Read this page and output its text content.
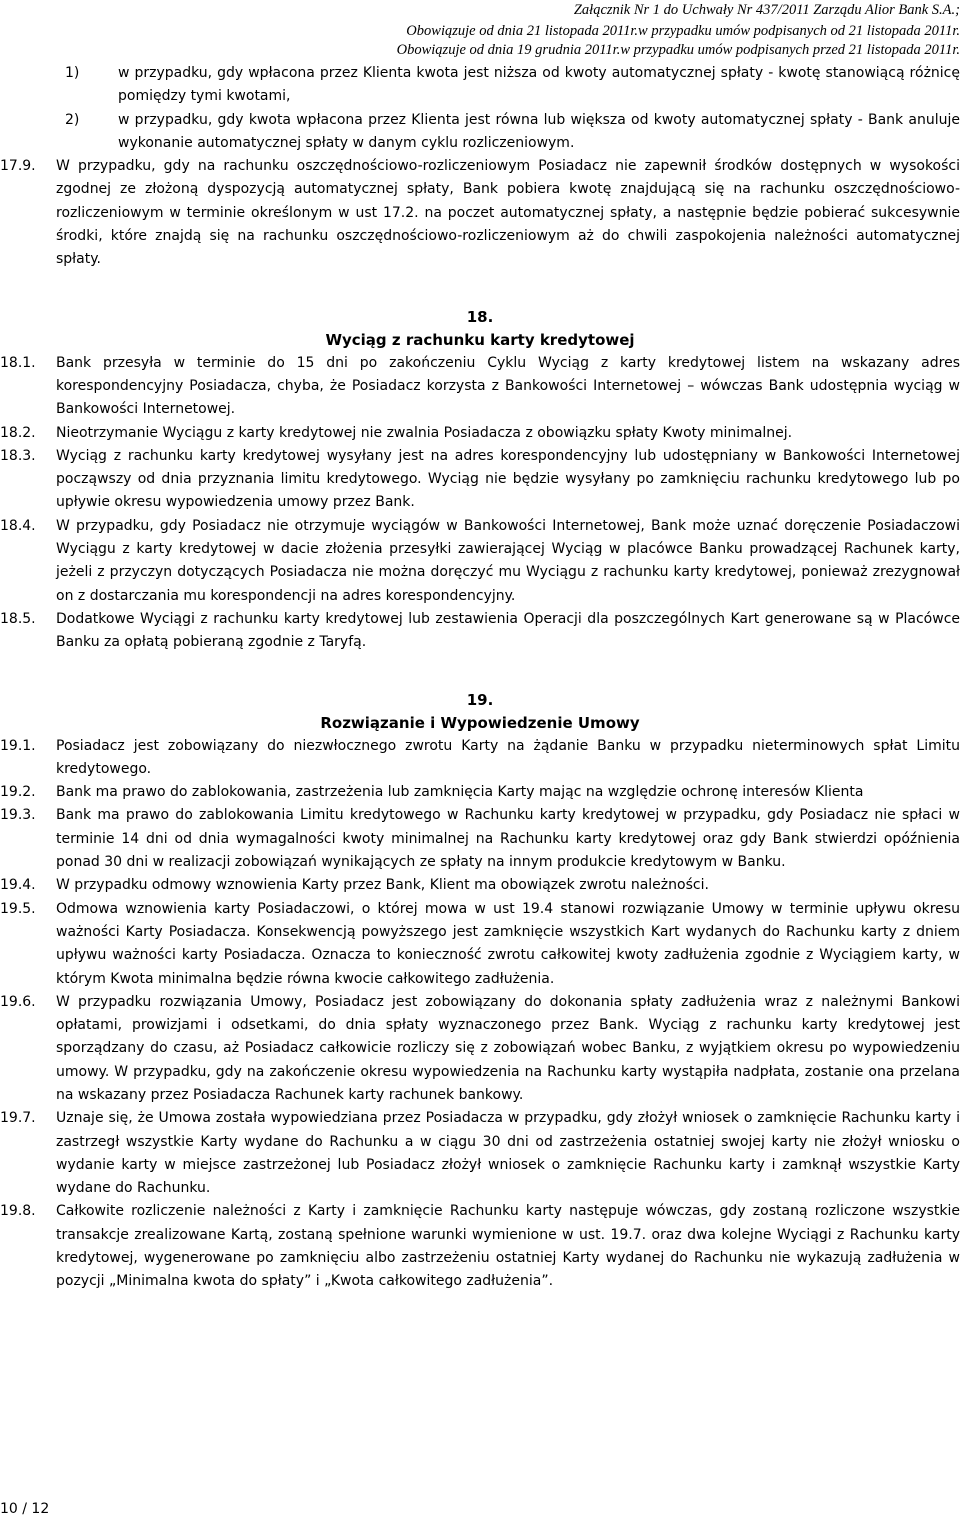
Załącznik Nr 1 do Uchwały Nr 437/2011 Zarządu Alior Bank S.A.;
Obowiązuje od dnia 21 listopada 2011r.w przypadku umów podpisanych od 21 listopada 2011r.
Obowiązuje od dnia 19 grudnia 2011r.w przypadku umów podpisanych przed 21 listopada 2011r.
1)	w przypadku, gdy wpłacona przez Klienta kwota jest niższa od kwoty automatycznej spłaty - kwotę stanowiącą różnicę pomiędzy tymi kwotami,
2)	w przypadku, gdy kwota wpłacona przez Klienta jest równa lub większa od kwoty automatycznej spłaty - Bank anuluje wykonanie automatycznej spłaty w danym cyklu rozliczeniowym.
17.9.	W przypadku, gdy na rachunku oszczędnościowo-rozliczeniowym Posiadacz nie zapewnił środków dostępnych w wysokości zgodnej ze złożoną dyspozycją automatycznej spłaty, Bank pobiera kwotę znajdującą się na rachunku oszczędnościowo-rozliczeniowym w terminie określonym w ust 17.2. na poczet automatycznej spłaty, a następnie będzie pobierać sukcesywnie środki, które znajdą się na rachunku oszczędnościowo-rozliczeniowym aż do chwili zaspokojenia należności automatycznej spłaty.
18.
Wyciąg z rachunku karty kredytowej
18.1.	Bank przesyła w terminie do 15 dni po zakończeniu Cyklu Wyciąg z karty kredytowej listem na wskazany adres korespondencyjny Posiadacza, chyba, że Posiadacz korzysta z Bankowości Internetowej – wówczas Bank udostępnia wyciąg w Bankowości Internetowej.
18.2.	Nieotrzymanie Wyciągu z karty kredytowej nie zwalnia Posiadacza z obowiązku spłaty Kwoty minimalnej.
18.3.	Wyciąg z rachunku karty kredytowej wysyłany jest na adres korespondencyjny lub udostępniany w Bankowości Internetowej począwszy od dnia przyznania limitu kredytowego. Wyciąg nie będzie wysyłany po zamknięciu rachunku kredytowego lub po upływie okresu wypowiedzenia umowy przez Bank.
18.4.	W przypadku, gdy Posiadacz nie otrzymuje wyciągów w Bankowości Internetowej, Bank może uznać doręczenie Posiadaczowi Wyciągu z karty kredytowej w dacie złożenia przesyłki zawierającej Wyciąg w placówce Banku prowadzącej Rachunek karty, jeżeli z przyczyn dotyczących Posiadacza nie można doręczyć mu Wyciągu z rachunku karty kredytowej, ponieważ zrezygnował on z dostarczania mu korespondencji na adres korespondencyjny.
18.5.	Dodatkowe Wyciągi z rachunku karty kredytowej lub zestawienia Operacji dla poszczególnych Kart generowane są w Placówce Banku za opłatą pobieraną zgodnie z Taryfą.
19.
Rozwiązanie i Wypowiedzenie Umowy
19.1.	Posiadacz jest zobowiązany do niezwłocznego zwrotu Karty na żądanie Banku w przypadku nieterminowych spłat Limitu kredytowego.
19.2.	Bank ma prawo do zablokowania, zastrzeżenia lub zamknięcia Karty mając na względzie ochronę interesów Klienta
19.3.	Bank ma prawo do zablokowania Limitu kredytowego w Rachunku karty kredytowej w przypadku, gdy Posiadacz nie spłaci w terminie 14 dni od dnia wymagalności kwoty minimalnej na Rachunku karty kredytowej oraz gdy Bank stwierdzi opóźnienia ponad 30 dni w realizacji zobowiązań wynikających ze spłaty na innym produkcie kredytowym w Banku.
19.4.	W przypadku odmowy wznowienia Karty przez Bank, Klient ma obowiązek zwrotu należności.
19.5.	Odmowa wznowienia karty Posiadaczowi, o której mowa w ust 19.4 stanowi rozwiązanie Umowy w terminie upływu okresu ważności Karty Posiadacza. Konsekwencją powyższego jest zamknięcie wszystkich Kart wydanych do Rachunku karty z dniem upływu ważności karty Posiadacza. Oznacza to konieczność zwrotu całkowitej kwoty zadłużenia zgodnie z Wyciągiem karty, w którym Kwota minimalna będzie równa kwocie całkowitego zadłużenia.
19.6.	W przypadku rozwiązania Umowy, Posiadacz jest zobowiązany do dokonania spłaty zadłużenia wraz z należnymi Bankowi opłatami, prowizjami i odsetkami, do dnia spłaty wyznaczonego przez Bank. Wyciąg z rachunku karty kredytowej jest sporządzany do czasu, aż Posiadacz całkowicie rozliczy się z zobowiązań wobec Banku, z wyjątkiem okresu po wypowiedzeniu umowy. W przypadku, gdy na zakończenie okresu wypowiedzenia na Rachunku karty wystąpiła nadpłata, zostanie ona przelana na wskazany przez Posiadacza Rachunek karty rachunek bankowy.
19.7.	Uznaje się, że Umowa została wypowiedziana przez Posiadacza w przypadku, gdy złożył wniosek o zamknięcie Rachunku karty i zastrzegł wszystkie Karty wydane do Rachunku a w ciągu 30 dni od zastrzeżenia ostatniej swojej karty nie złożył wniosku o wydanie karty w miejsce zastrzeżonej lub Posiadacz złożył wniosek o zamknięcie Rachunku karty i zamknął wszystkie Karty wydane do Rachunku.
19.8.	Całkowite rozliczenie należności z Karty i zamknięcie Rachunku karty następuje wówczas, gdy zostaną rozliczone wszystkie transakcje zrealizowane Kartą, zostaną spełnione warunki wymienione w ust. 19.7. oraz dwa kolejne Wyciągi z Rachunku karty kredytowej, wygenerowane po zamknięciu albo zastrzeżeniu ostatniej Karty wydanej do Rachunku nie wykazują zadłużenia w pozycji „Minimalna kwota do spłaty” i „Kwota całkowitego zadłużenia”.
10 / 12
